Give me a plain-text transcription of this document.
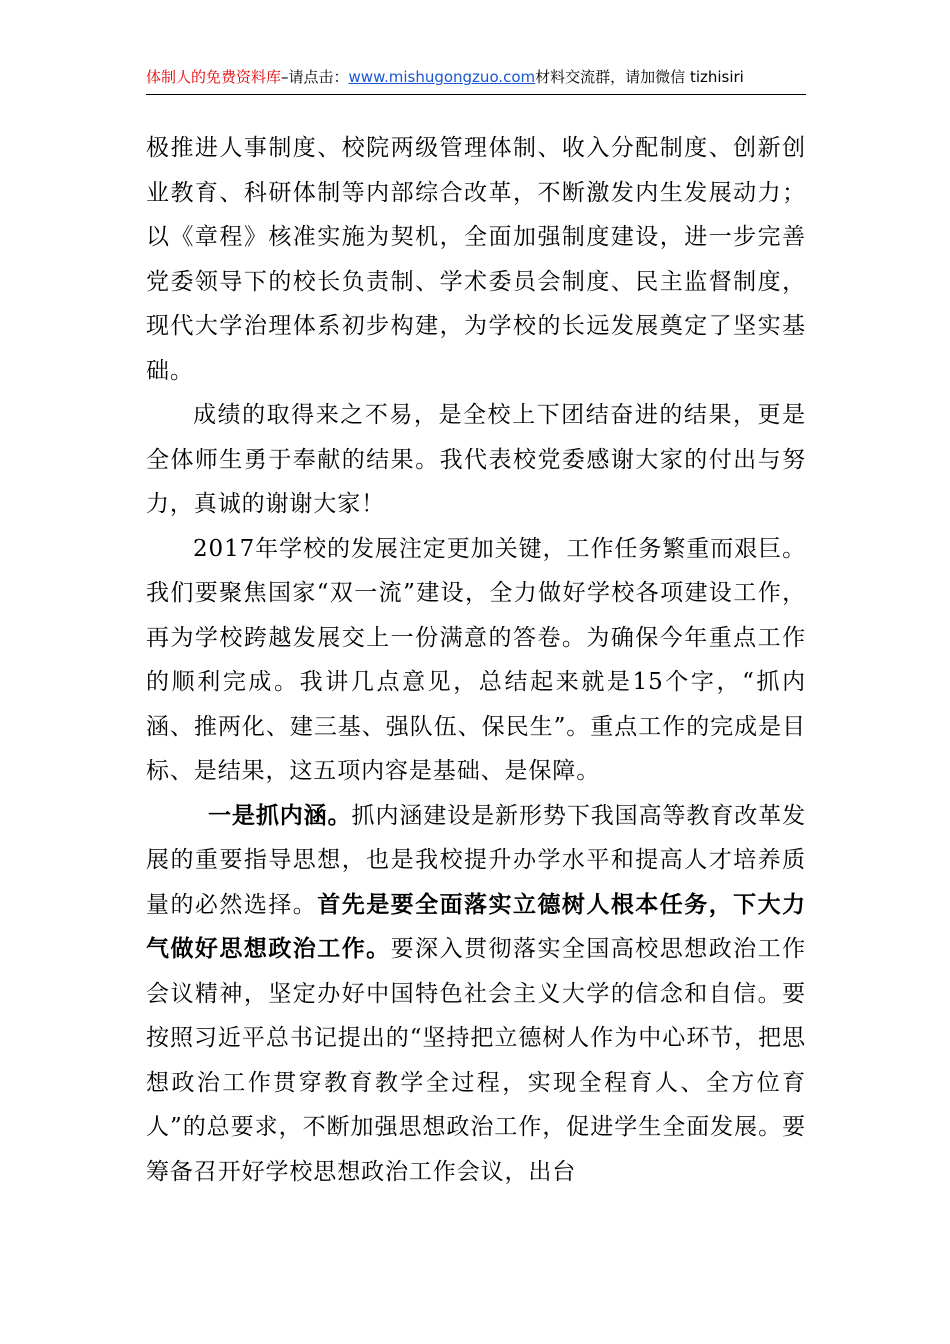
体制人的免费资料库–请点击：www.mishugongzuo.com材料交流群，请加微信 tizhisiri

极推进人事制度、校院两级管理体制、收入分配制度、创新创业教育、科研体制等内部综合改革，不断激发内生发展动力；以《章程》核准实施为契机，全面加强制度建设，进一步完善党委领导下的校长负责制、学术委员会制度、民主监督制度，现代大学治理体系初步构建，为学校的长远发展奠定了坚实基础。

成绩的取得来之不易，是全校上下团结奋进的结果，更是全体师生勇于奉献的结果。我代表校党委感谢大家的付出与努力，真诚的谢谢大家！

2017年学校的发展注定更加关键，工作任务繁重而艰巨。我们要聚焦国家“双一流”建设，全力做好学校各项建设工作，再为学校跨越发展交上一份满意的答卷。为确保今年重点工作的顺利完成。我讲几点意见，总结起来就是15个字，“抓内涵、推两化、建三基、强队伍、保民生”。重点工作的完成是目标、是结果，这五项内容是基础、是保障。

一是抓内涵。抓内涵建设是新形势下我国高等教育改革发展的重要指导思想，也是我校提升办学水平和提高人才培养质量的必然选择。首先是要全面落实立德树人根本任务，下大力气做好思想政治工作。要深入贯彻落实全国高校思想政治工作会议精神，坚定办好中国特色社会主义大学的信念和自信。要按照习近平总书记提出的“坚持把立德树人作为中心环节，把思想政治工作贯穿教育教学全过程，实现全程育人、全方位育人”的总要求，不断加强思想政治工作，促进学生全面发展。要筹备召开好学校思想政治工作会议，出台
